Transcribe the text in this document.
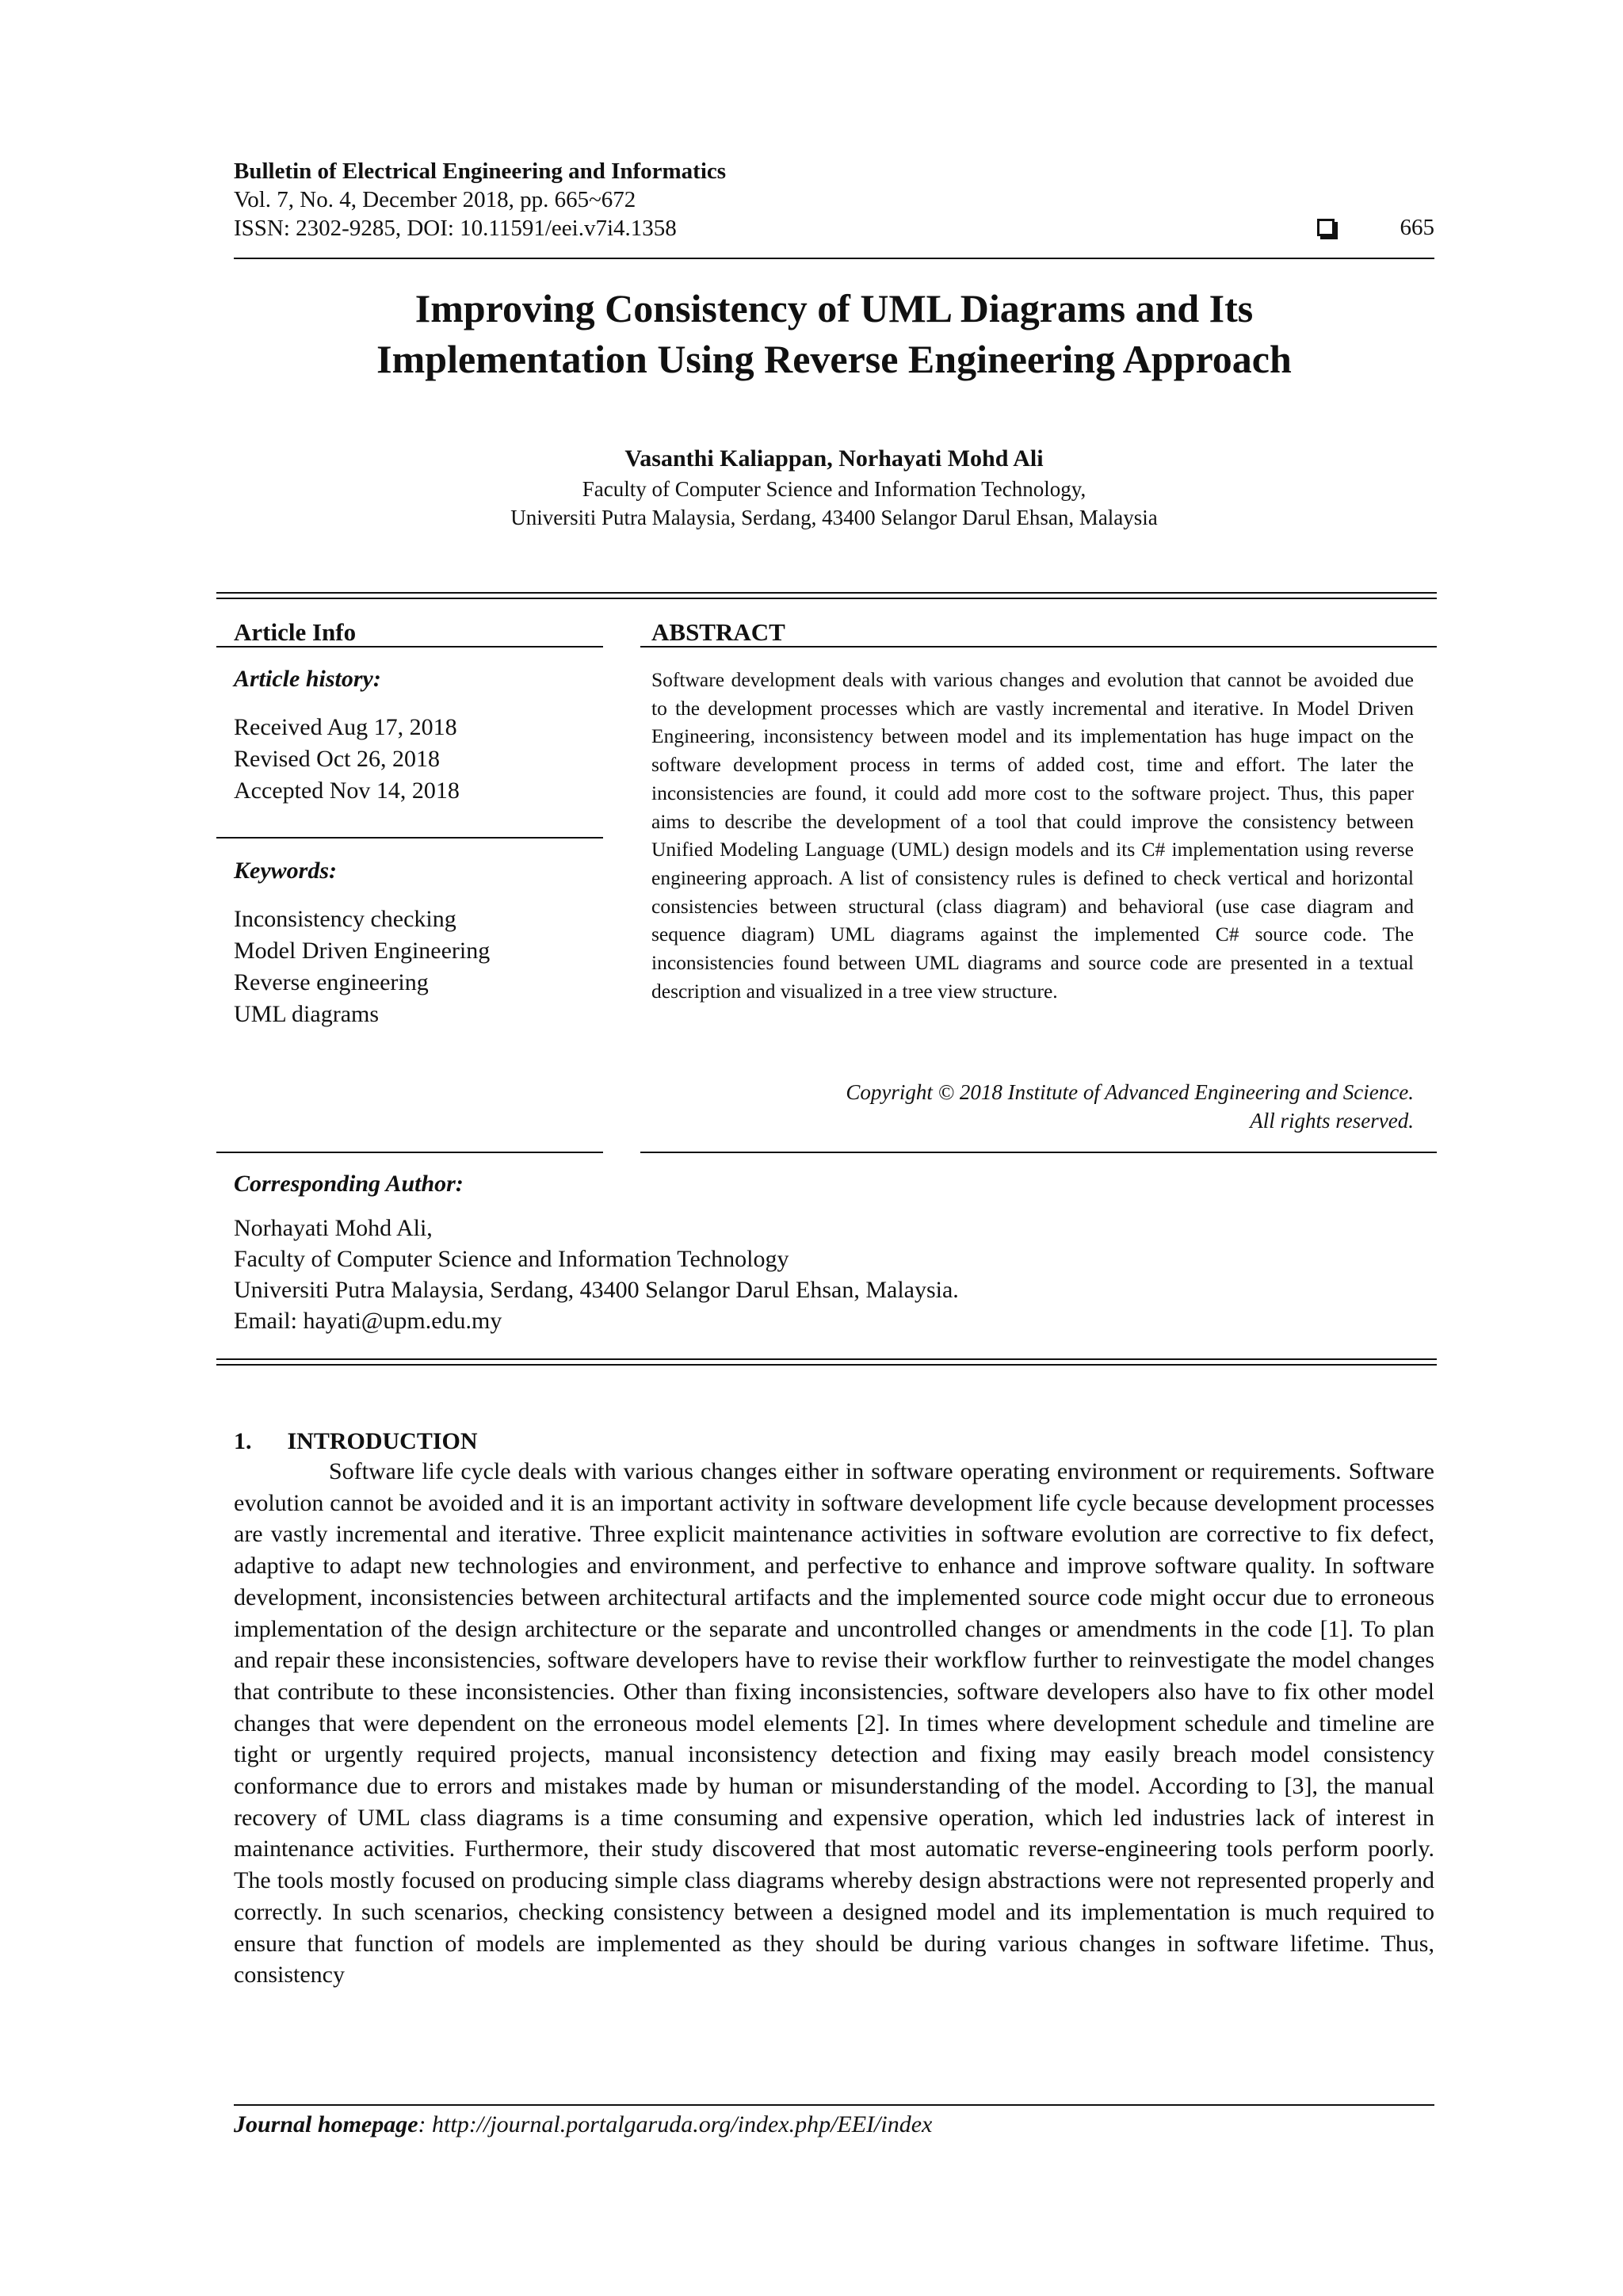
Bulletin of Electrical Engineering and Informatics
Vol. 7, No. 4, December 2018, pp. 665~672
ISSN: 2302-9285, DOI: 10.11591/eei.v7i4.1358	665
Improving Consistency of UML Diagrams and Its
Implementation Using Reverse Engineering Approach
Vasanthi Kaliappan, Norhayati Mohd Ali
Faculty of Computer Science and Information Technology,
Universiti Putra Malaysia, Serdang, 43400 Selangor Darul Ehsan, Malaysia
Article Info
Article history:
Received Aug 17, 2018
Revised Oct 26, 2018
Accepted Nov 14, 2018
Keywords:
Inconsistency checking
Model Driven Engineering
Reverse engineering
UML diagrams
ABSTRACT
Software development deals with various changes and evolution that cannot be avoided due to the development processes which are vastly incremental and iterative. In Model Driven Engineering, inconsistency between model and its implementation has huge impact on the software development process in terms of added cost, time and effort. The later the inconsistencies are found, it could add more cost to the software project. Thus, this paper aims to describe the development of a tool that could improve the consistency between Unified Modeling Language (UML) design models and its C# implementation using reverse engineering approach. A list of consistency rules is defined to check vertical and horizontal consistencies between structural (class diagram) and behavioral (use case diagram and sequence diagram) UML diagrams against the implemented C# source code. The inconsistencies found between UML diagrams and source code are presented in a textual description and visualized in a tree view structure.
Copyright © 2018 Institute of Advanced Engineering and Science.
All rights reserved.
Corresponding Author:
Norhayati Mohd Ali,
Faculty of Computer Science and Information Technology
Universiti Putra Malaysia, Serdang, 43400 Selangor Darul Ehsan, Malaysia.
Email: hayati@upm.edu.my
1.      INTRODUCTION
Software life cycle deals with various changes either in software operating environment or requirements. Software evolution cannot be avoided and it is an important activity in software development life cycle because development processes are vastly incremental and iterative. Three explicit maintenance activities in software evolution are corrective to fix defect, adaptive to adapt new technologies and environment, and perfective to enhance and improve software quality. In software development, inconsistencies between architectural artifacts and the implemented source code might occur due to erroneous implementation of the design architecture or the separate and uncontrolled changes or amendments in the code [1]. To plan and repair these inconsistencies, software developers have to revise their workflow further to reinvestigate the model changes that contribute to these inconsistencies. Other than fixing inconsistencies, software developers also have to fix other model changes that were dependent on the erroneous model elements [2]. In times where development schedule and timeline are tight or urgently required projects, manual inconsistency detection and fixing may easily breach model consistency conformance due to errors and mistakes made by human or misunderstanding of the model. According to [3], the manual recovery of UML class diagrams is a time consuming and expensive operation, which led industries lack of interest in maintenance activities. Furthermore, their study discovered that most automatic reverse-engineering tools perform poorly. The tools mostly focused on producing simple class diagrams whereby design abstractions were not represented properly and correctly. In such scenarios, checking consistency between a designed model and its implementation is much required to ensure that function of models are implemented as they should be during various changes in software lifetime. Thus, consistency
Journal homepage: http://journal.portalgaruda.org/index.php/EEI/index
